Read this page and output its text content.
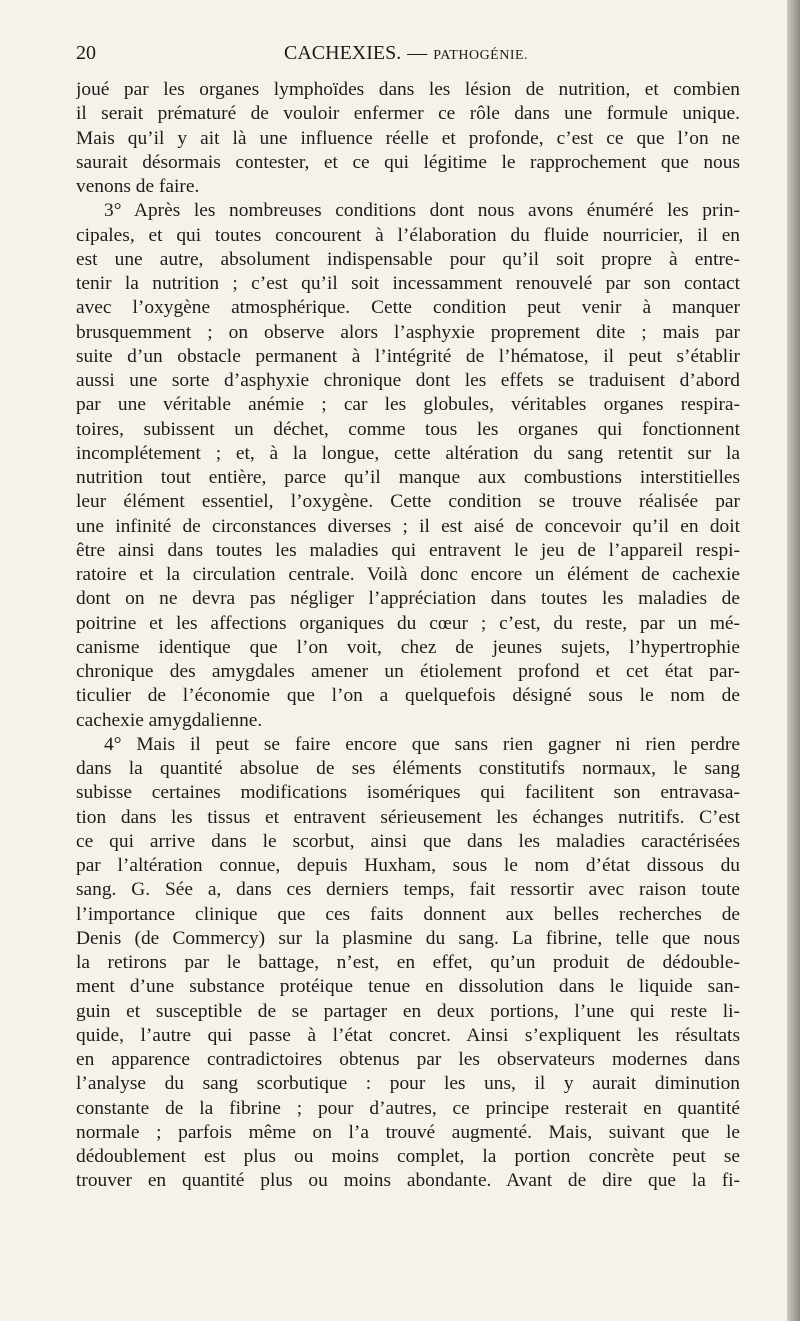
20	CACHEXIES. — PATHOGÉNIE.
joué par les organes lymphoïdes dans les lésion de nutrition, et combien
il serait prématuré de vouloir enfermer ce rôle dans une formule unique.
Mais qu’il y ait là une influence réelle et profonde, c’est ce que l’on ne
saurait désormais contester, et ce qui légitime le rapprochement que nous
venons de faire.
3° Après les nombreuses conditions dont nous avons énuméré les prin-
cipales, et qui toutes concourent à l’élaboration du fluide nourricier, il en
est une autre, absolument indispensable pour qu’il soit propre à entre-
tenir la nutrition ; c’est qu’il soit incessamment renouvelé par son contact
avec l’oxygène atmosphérique. Cette condition peut venir à manquer
brusquemment ; on observe alors l’asphyxie proprement dite ; mais par
suite d’un obstacle permanent à l’intégrité de l’hématose, il peut s’établir
aussi une sorte d’asphyxie chronique dont les effets se traduisent d’abord
par une véritable anémie ; car les globules, véritables organes respira-
toires, subissent un déchet, comme tous les organes qui fonctionnent
incomplétement ; et, à la longue, cette altération du sang retentit sur la
nutrition tout entière, parce qu’il manque aux combustions interstitielles
leur élément essentiel, l’oxygène. Cette condition se trouve réalisée par
une infinité de circonstances diverses ; il est aisé de concevoir qu’il en doit
être ainsi dans toutes les maladies qui entravent le jeu de l’appareil respi-
ratoire et la circulation centrale. Voilà donc encore un élément de cachexie
dont on ne devra pas négliger l’appréciation dans toutes les maladies de
poitrine et les affections organiques du cœur ; c’est, du reste, par un mé-
canisme identique que l’on voit, chez de jeunes sujets, l’hypertrophie
chronique des amygdales amener un étiolement profond et cet état par-
ticulier de l’économie que l’on a quelquefois désigné sous le nom de
cachexie amygdalienne.
4° Mais il peut se faire encore que sans rien gagner ni rien perdre
dans la quantité absolue de ses éléments constitutifs normaux, le sang
subisse certaines modifications isomériques qui facilitent son entravasa-
tion dans les tissus et entravent sérieusement les échanges nutritifs. C’est
ce qui arrive dans le scorbut, ainsi que dans les maladies caractérisées
par l’altération connue, depuis Huxham, sous le nom d’état dissous du
sang. G. Sée a, dans ces derniers temps, fait ressortir avec raison toute
l’importance clinique que ces faits donnent aux belles recherches de
Denis (de Commercy) sur la plasmine du sang. La fibrine, telle que nous
la retirons par le battage, n’est, en effet, qu’un produit de dédouble-
ment d’une substance protéique tenue en dissolution dans le liquide san-
guin et susceptible de se partager en deux portions, l’une qui reste li-
quide, l’autre qui passe à l’état concret. Ainsi s’expliquent les résultats
en apparence contradictoires obtenus par les observateurs modernes dans
l’analyse du sang scorbutique : pour les uns, il y aurait diminution
constante de la fibrine ; pour d’autres, ce principe resterait en quantité
normale ; parfois même on l’a trouvé augmenté. Mais, suivant que le
dédoublement est plus ou moins complet, la portion concrète peut se
trouver en quantité plus ou moins abondante. Avant de dire que la fi-
